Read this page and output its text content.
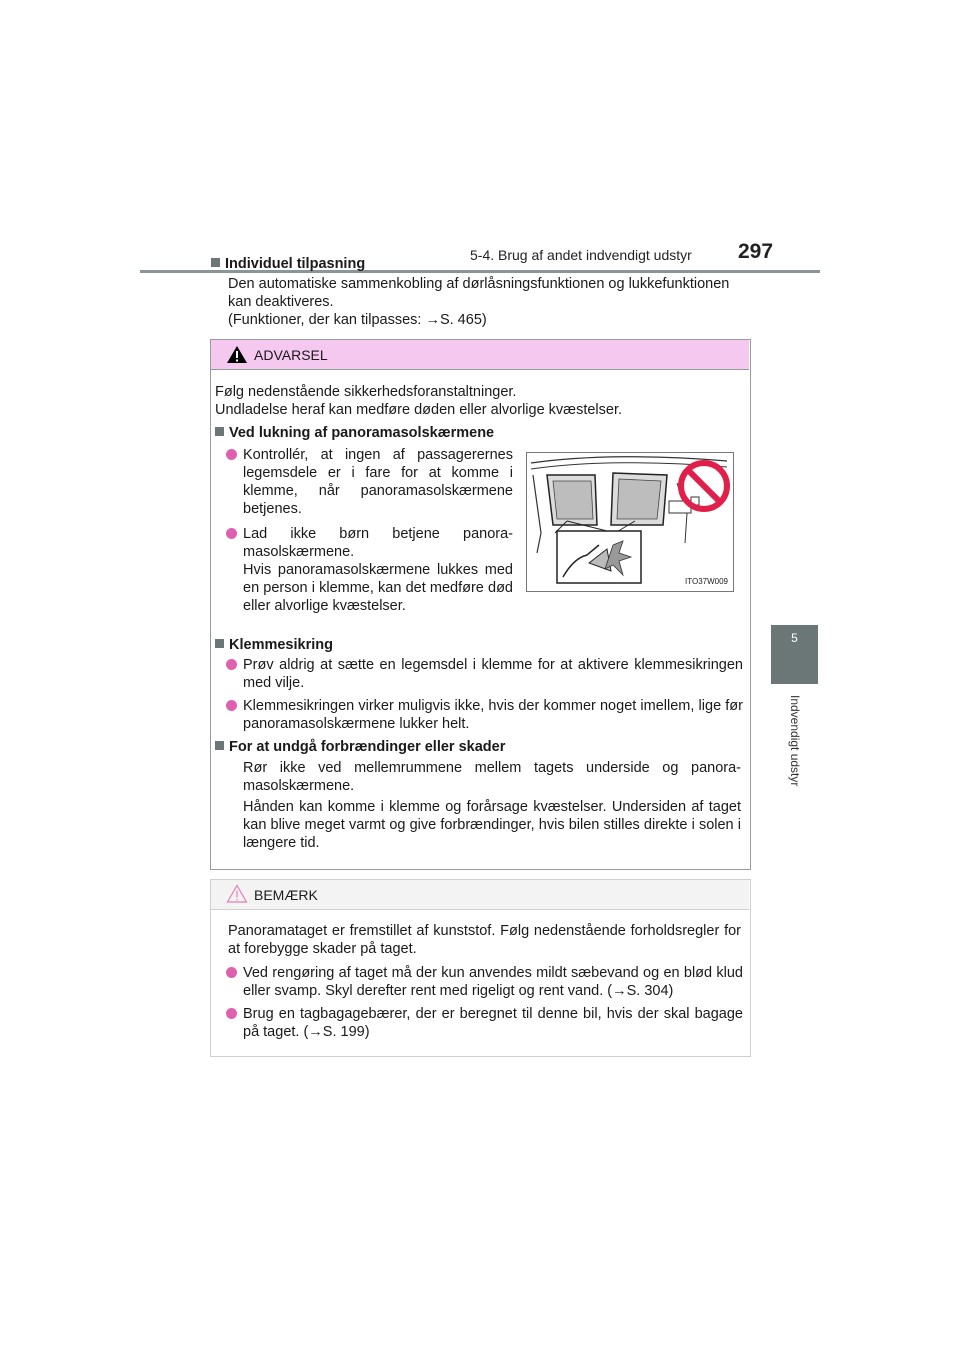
5-4. Brug af andet indvendigt udstyr 297
5
Indvendigt udstyr
Individuel tilpasning
Den automatiske sammenkobling af dørlåsningsfunktionen og lukkefunktionen
kan deaktiveres.
(Funktioner, der kan tilpasses: →S. 465)
ADVARSEL
Følg nedenstående sikkerhedsforanstaltninger.
Undladelse heraf kan medføre døden eller alvorlige kvæstelser.
Ved lukning af panoramasolskærmene
Kontrollér, at ingen af passagerernes legemsdele er i fare for at komme i klemme, når panoramasolskærmene betjenes.
Lad ikke børn betjene panora-masolskærmene.
Hvis panoramasolskærmene lukkes med en person i klemme, kan det medføre død eller alvorlige kvæstelser.
ITO37W009
Klemmesikring
Prøv aldrig at sætte en legemsdel i klemme for at aktivere klemmesikringen med vilje.
Klemmesikringen virker muligvis ikke, hvis der kommer noget imellem, lige før panoramasolskærmene lukker helt.
For at undgå forbrændinger eller skader
Rør ikke ved mellemrummene mellem tagets underside og panora-masolskærmene.
Hånden kan komme i klemme og forårsage kvæstelser. Undersiden af taget kan blive meget varmt og give forbrændinger, hvis bilen stilles direkte i solen i længere tid.
BEMÆRK
Panoramataget er fremstillet af kunststof. Følg nedenstående forholdsregler for at forebygge skader på taget.
Ved rengøring af taget må der kun anvendes mildt sæbevand og en blød klud eller svamp. Skyl derefter rent med rigeligt og rent vand. (→S. 304)
Brug en tagbagagebærer, der er beregnet til denne bil, hvis der skal bagage på taget. (→S. 199)
